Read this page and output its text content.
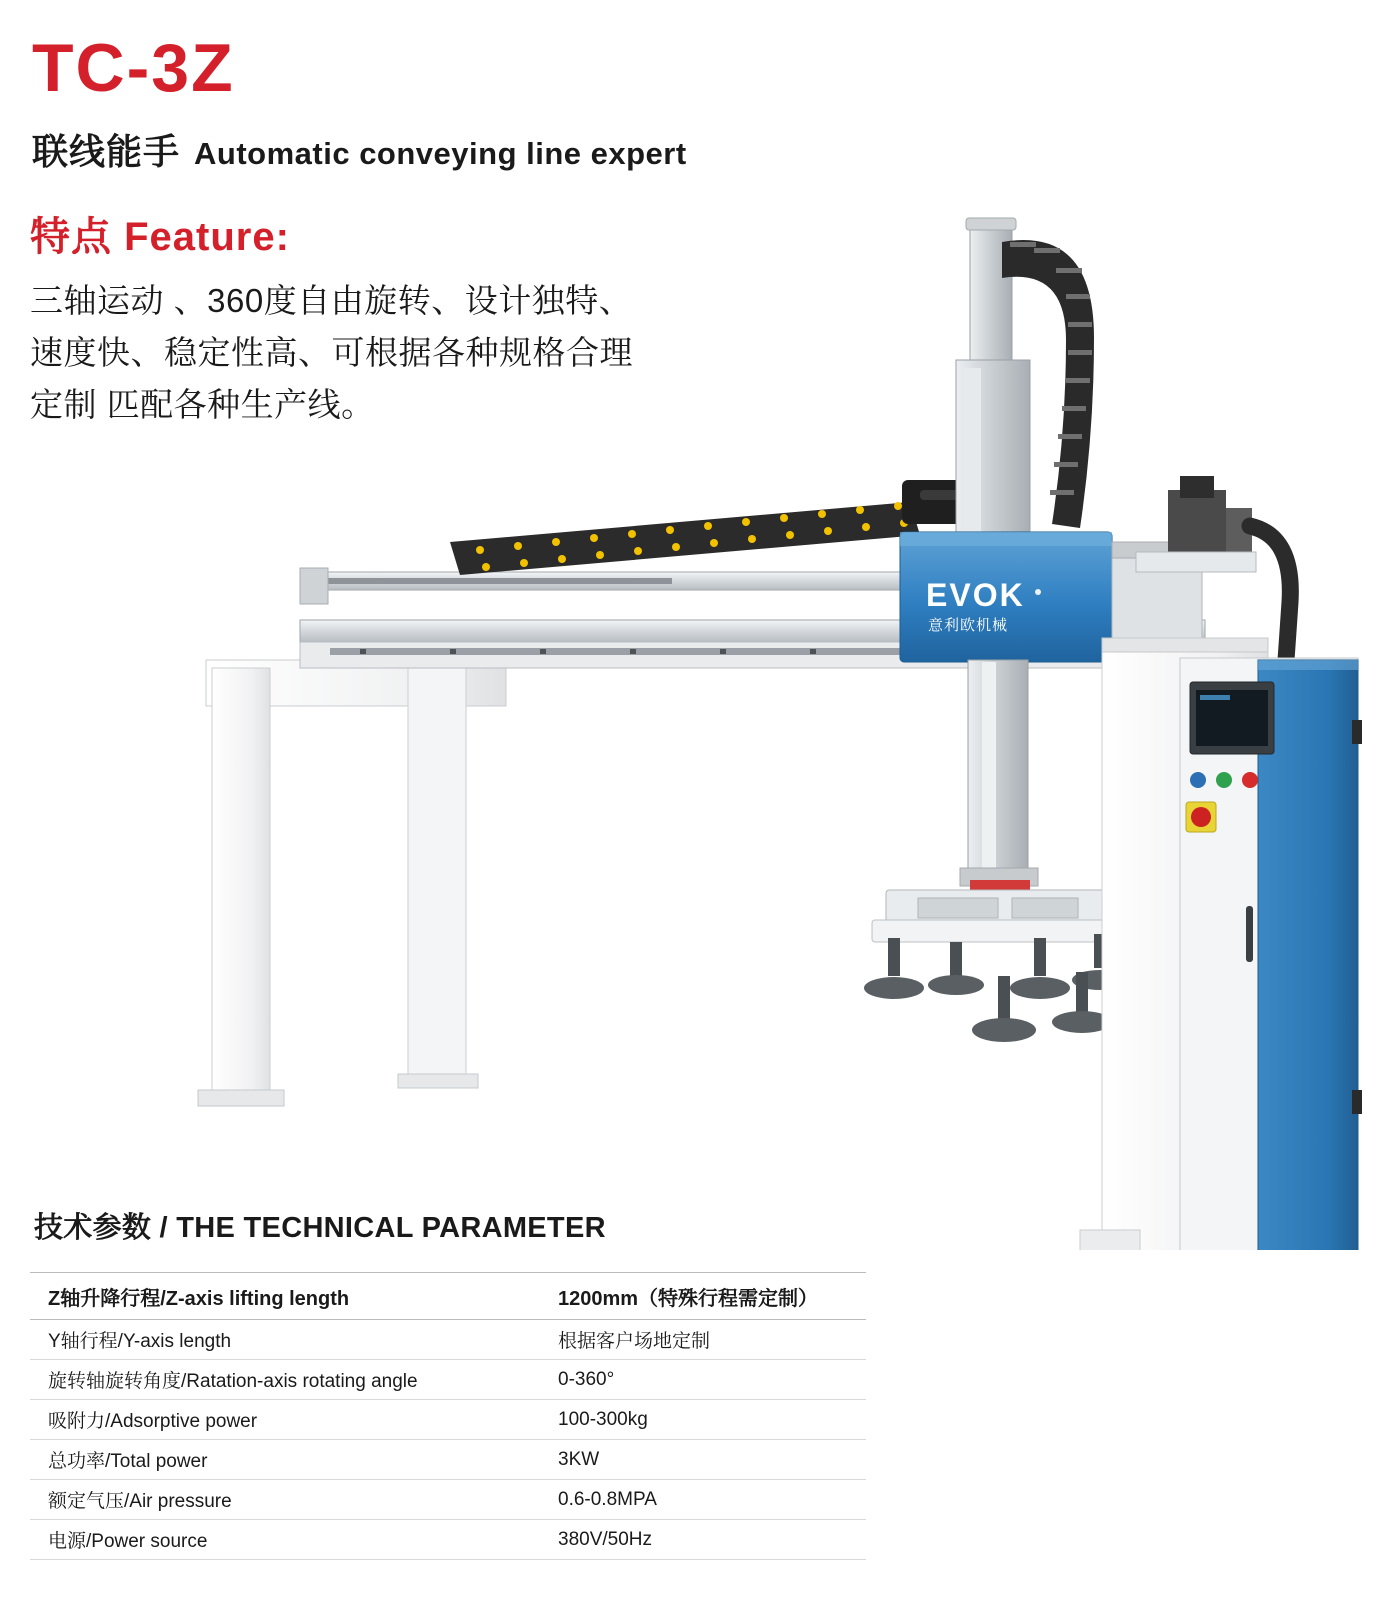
TC-3Z
联线能手 Automatic conveying line expert
特点 Feature:
三轴运动 、360度自由旋转、设计独特、速度快、稳定性高、可根据各种规格合理定制 匹配各种生产线。
EVOK
意利欧机械
技术参数 / THE TECHNICAL PARAMETER
Z轴升降行程/Z-axis lifting length	1200mm（特殊行程需定制）
Y轴行程/Y-axis length	根据客户场地定制
旋转轴旋转角度/Ratation-axis rotating angle	0-360°
吸附力/Adsorptive power	100-300kg
总功率/Total power	3KW
额定气压/Air pressure	0.6-0.8MPA
电源/Power source	380V/50Hz
